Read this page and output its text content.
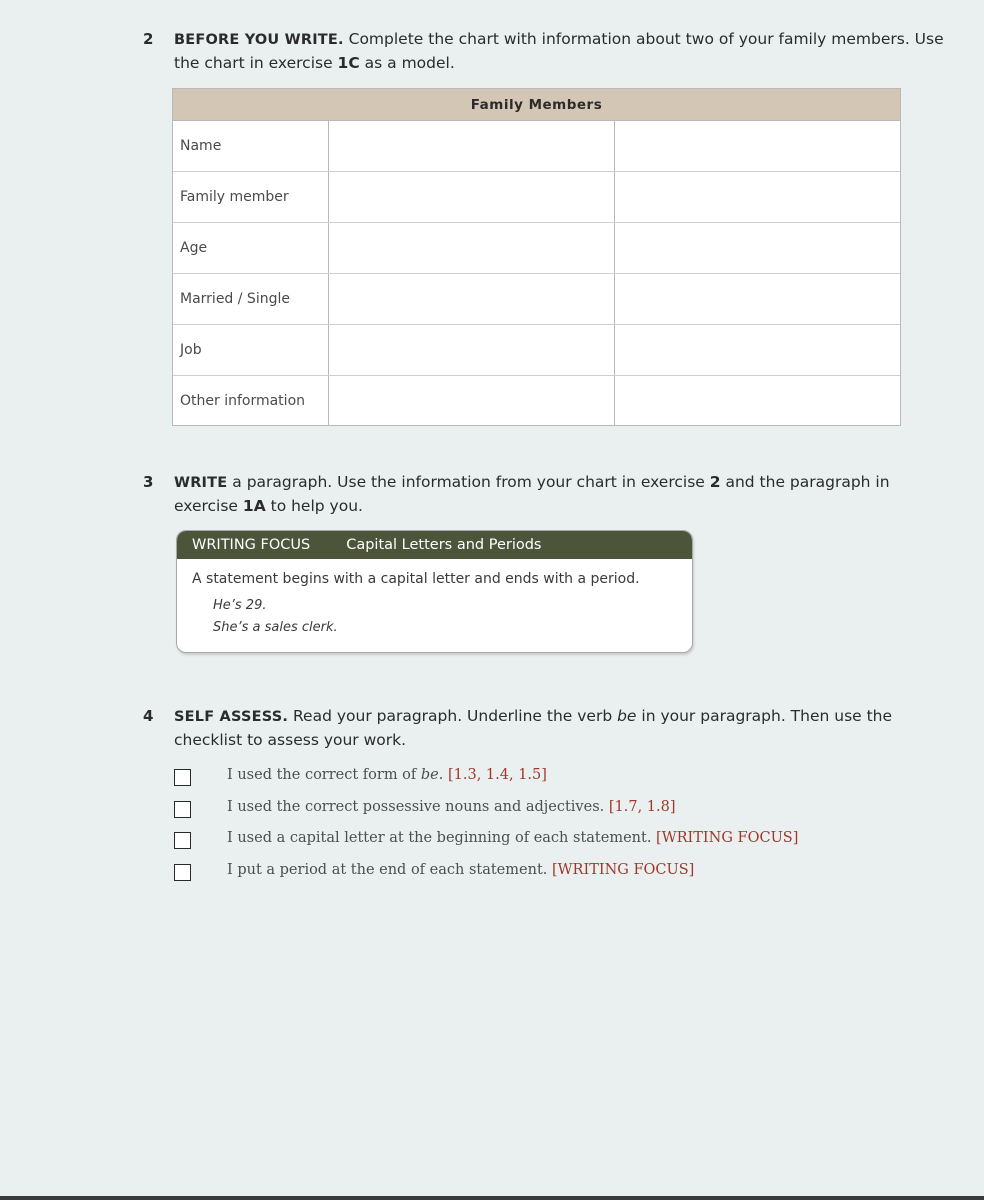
2 BEFORE YOU WRITE. Complete the chart with information about two of your family members. Use the chart in exercise 1C as a model.
Family Members
Name		
Family member		
Age		
Married / Single		
Job		
Other information		
3 WRITE a paragraph. Use the information from your chart in exercise 2 and the paragraph in exercise 1A to help you.
WRITING FOCUS Capital Letters and Periods
A statement begins with a capital letter and ends with a period.
He’s 29.
She’s a sales clerk.
4 SELF ASSESS. Read your paragraph. Underline the verb be in your paragraph. Then use the checklist to assess your work.
I used the correct form of be. [1.3, 1.4, 1.5]
I used the correct possessive nouns and adjectives. [1.7, 1.8]
I used a capital letter at the beginning of each statement. [WRITING FOCUS]
I put a period at the end of each statement. [WRITING FOCUS]
